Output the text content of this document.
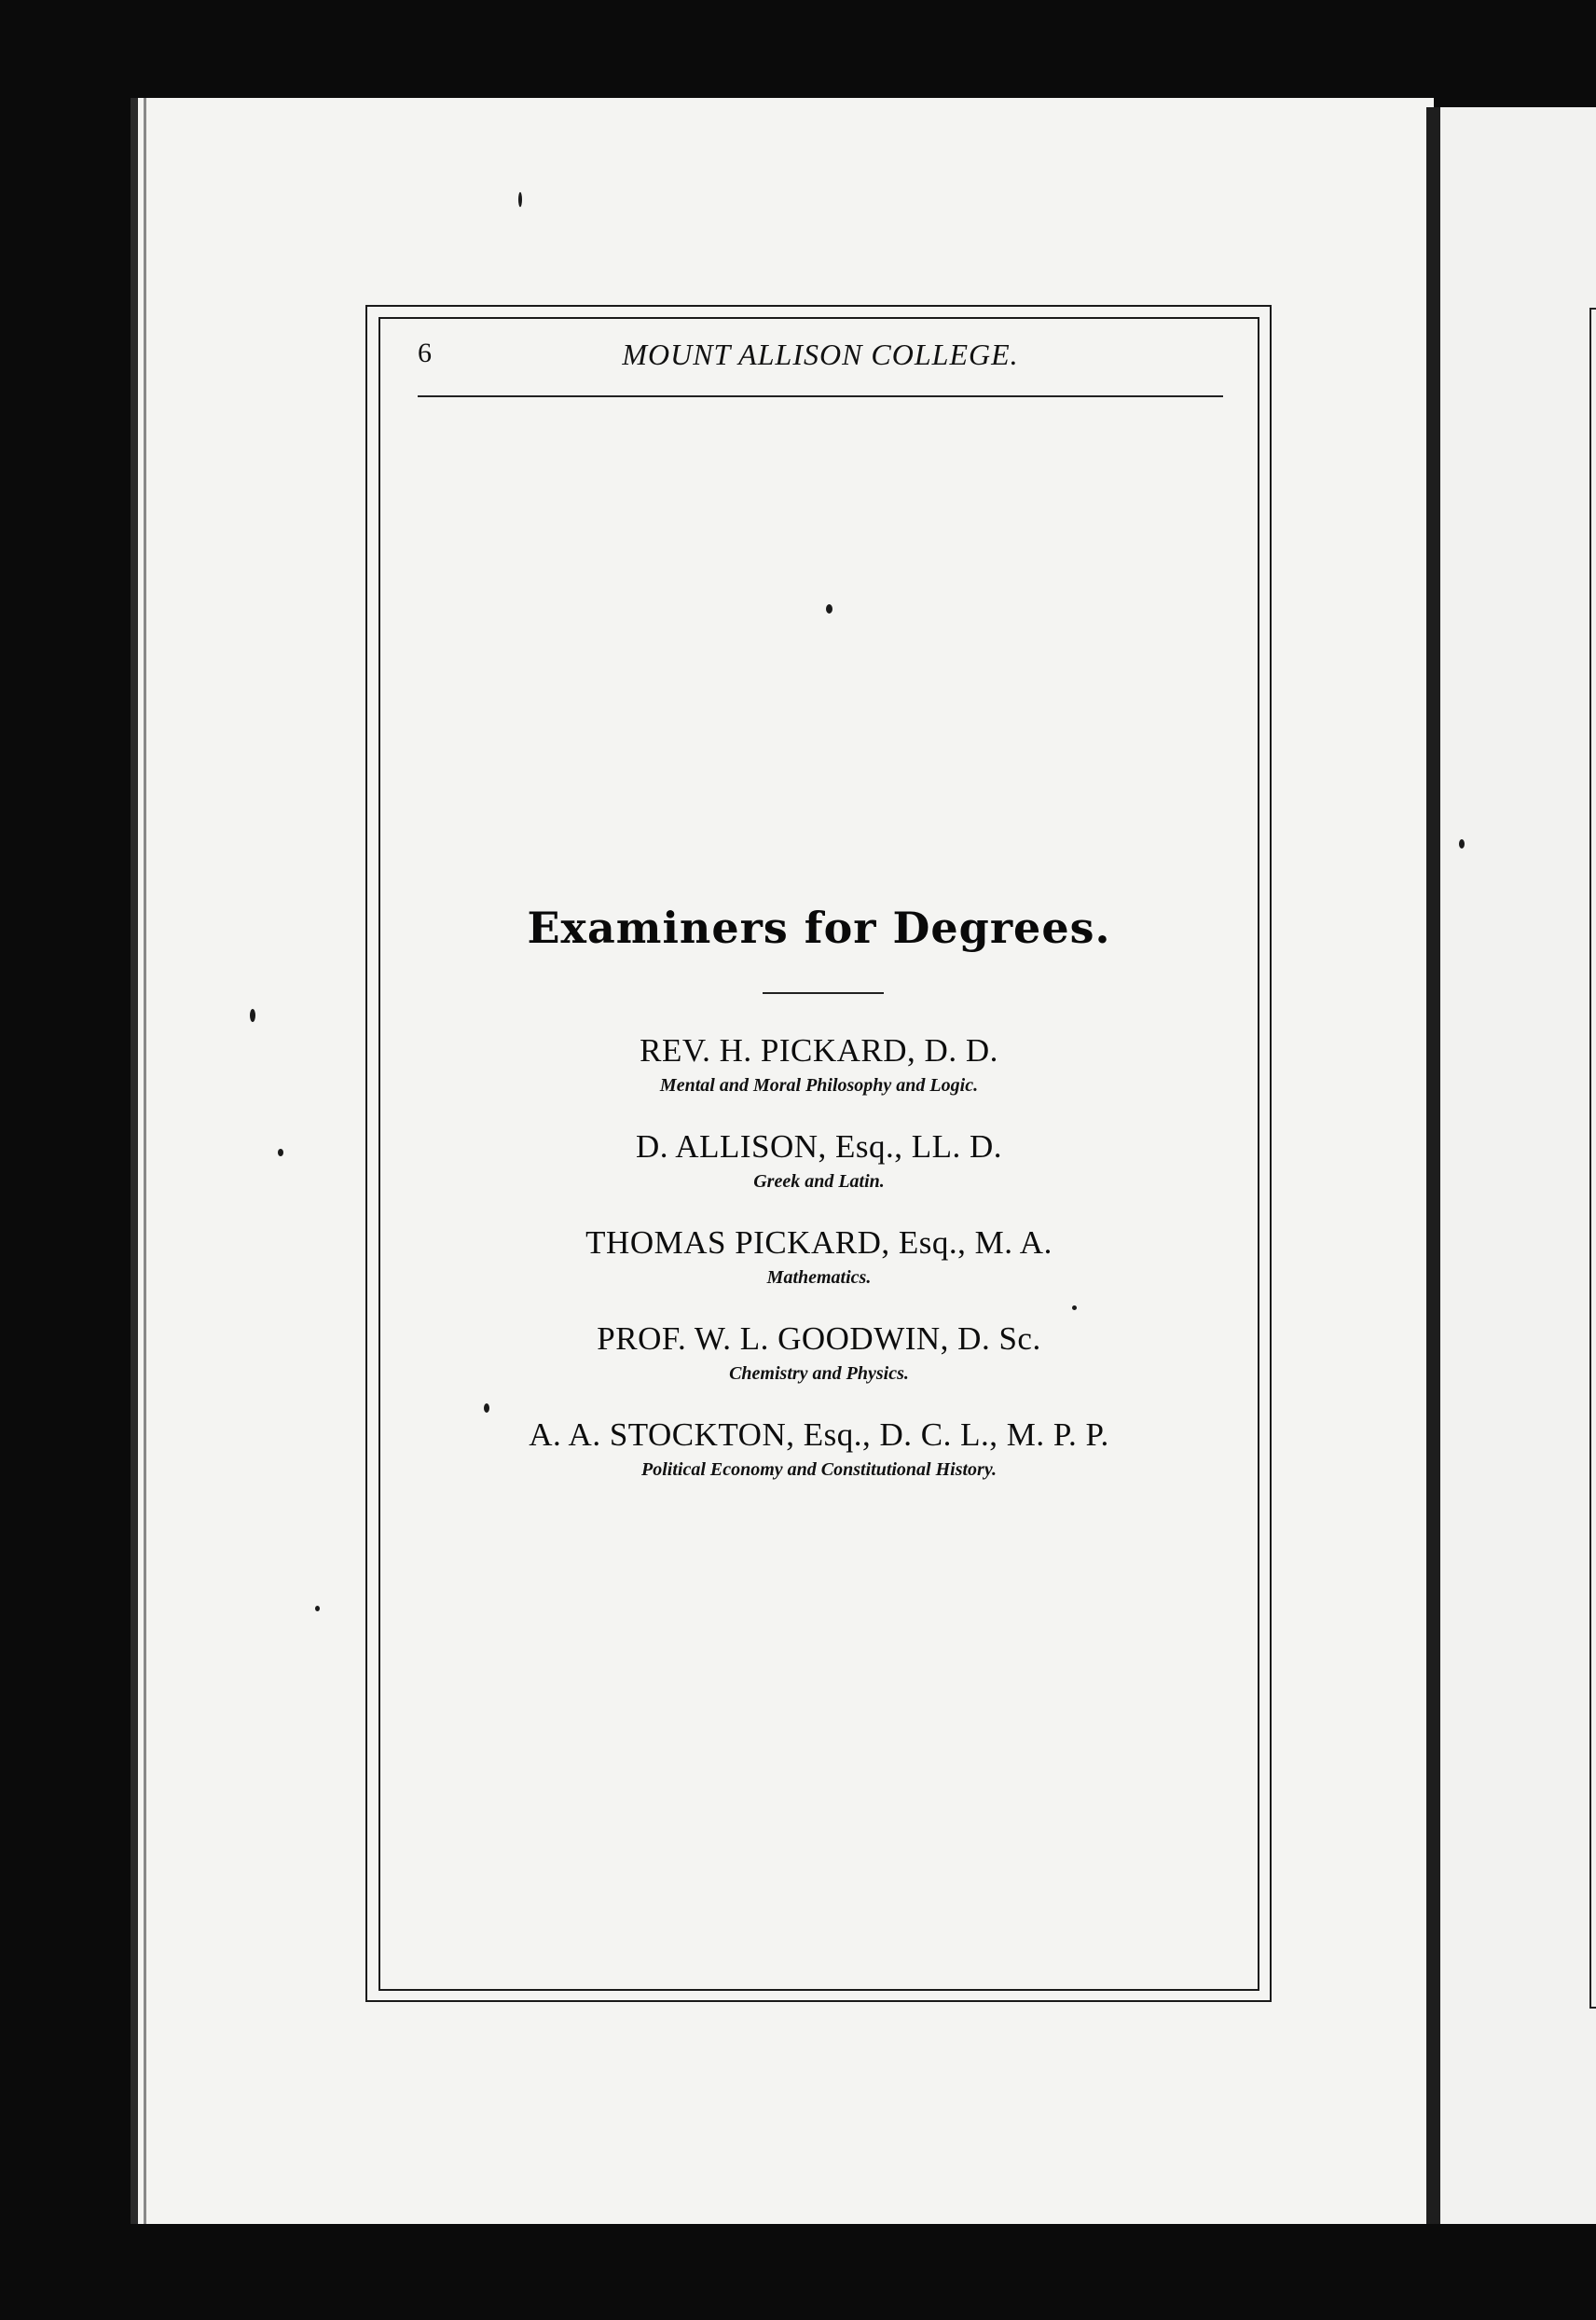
6	MOUNT ALLISON COLLEGE.
Examiners for Degrees.
REV. H. PICKARD, D. D.
Mental and Moral Philosophy and Logic.
D. ALLISON, Esq., LL. D.
Greek and Latin.
THOMAS PICKARD, Esq., M. A.
Mathematics.
PROF. W. L. GOODWIN, D. Sc.
Chemistry and Physics.
A. A. STOCKTON, Esq., D. C. L., M. P. P.
Political Economy and Constitutional History.
